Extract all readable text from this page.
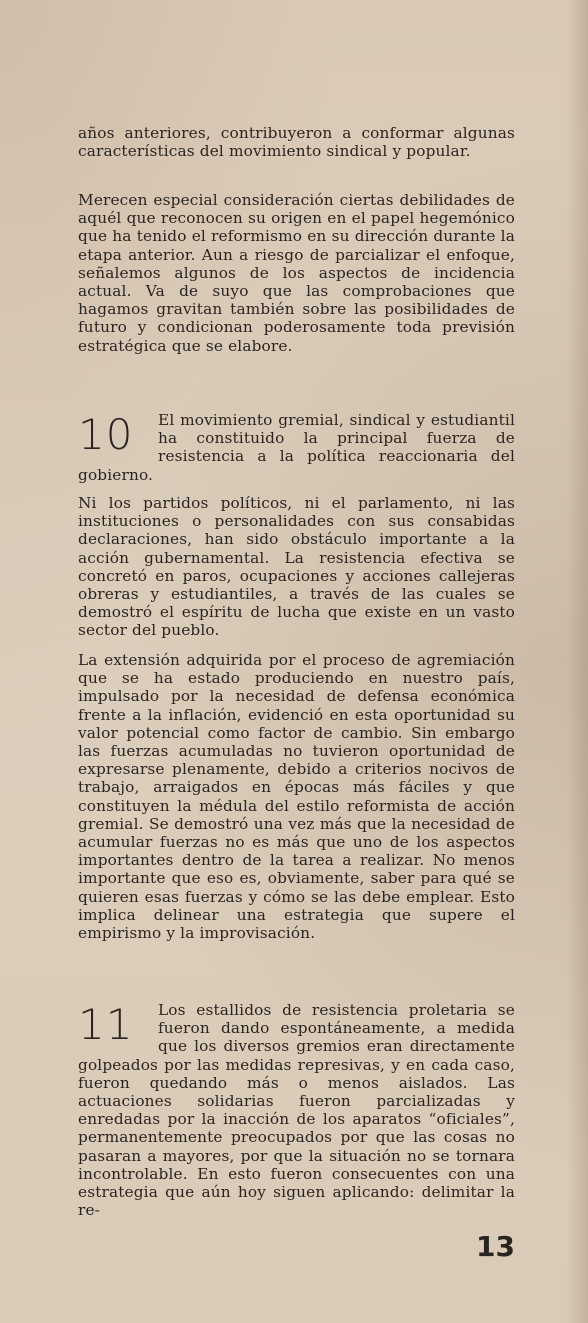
años anteriores, contribuyeron a conformar algunas características del movimiento sindical y popular.

Merecen especial consideración ciertas debilidades de aquél que reconocen su origen en el papel hegemónico que ha tenido el reformismo en su dirección durante la etapa anterior. Aun a riesgo de parcializar el enfoque, señalemos algunos de los aspectos de incidencia actual. Va de suyo que las comprobaciones que hagamos gravitan también sobre las posibilidades de futuro y condicionan poderosamente toda previsión estratégica que se elabore.

10	El movimiento gremial, sindical y estudiantil ha constituido la principal fuerza de resistencia a la política reaccionaria del gobierno.

Ni los partidos políticos, ni el parlamento, ni las instituciones o personalidades con sus consabidas declaraciones, han sido obstáculo importante a la acción gubernamental. La resistencia efectiva se concretó en paros, ocupaciones y acciones callejeras obreras y estudiantiles, a través de las cuales se demostró el espíritu de lucha que existe en un vasto sector del pueblo.

La extensión adquirida por el proceso de agremiación que se ha estado produciendo en nuestro país, impulsado por la necesidad de defensa económica frente a la inflación, evidenció en esta oportunidad su valor potencial como factor de cambio. Sin embargo las fuerzas acumuladas no tuvieron oportunidad de expresarse plenamente, debido a criterios nocivos de trabajo, arraigados en épocas más fáciles y que constituyen la médula del estilo reformista de acción gremial. Se demostró una vez más que la necesidad de acumular fuerzas no es más que uno de los aspectos importantes dentro de la tarea a realizar. No menos importante que eso es, obviamente, saber para qué se quieren esas fuerzas y cómo se las debe emplear. Esto implica delinear una estrategia que supere el empirismo y la improvisación.

11	Los estallidos de resistencia proletaria se fueron dando espontáneamente, a medida que los diversos gremios eran directamente golpeados por las medidas represivas, y en cada caso, fueron quedando más o menos aislados. Las actuaciones solidarias fueron parcializadas y enredadas por la inacción de los aparatos “oficiales”, permanentemente preocupados por que las cosas no pasaran a mayores, por que la situación no se tornara incontrolable. En esto fueron consecuentes con una estrategia que aún hoy siguen aplicando: delimitar la re-

13
